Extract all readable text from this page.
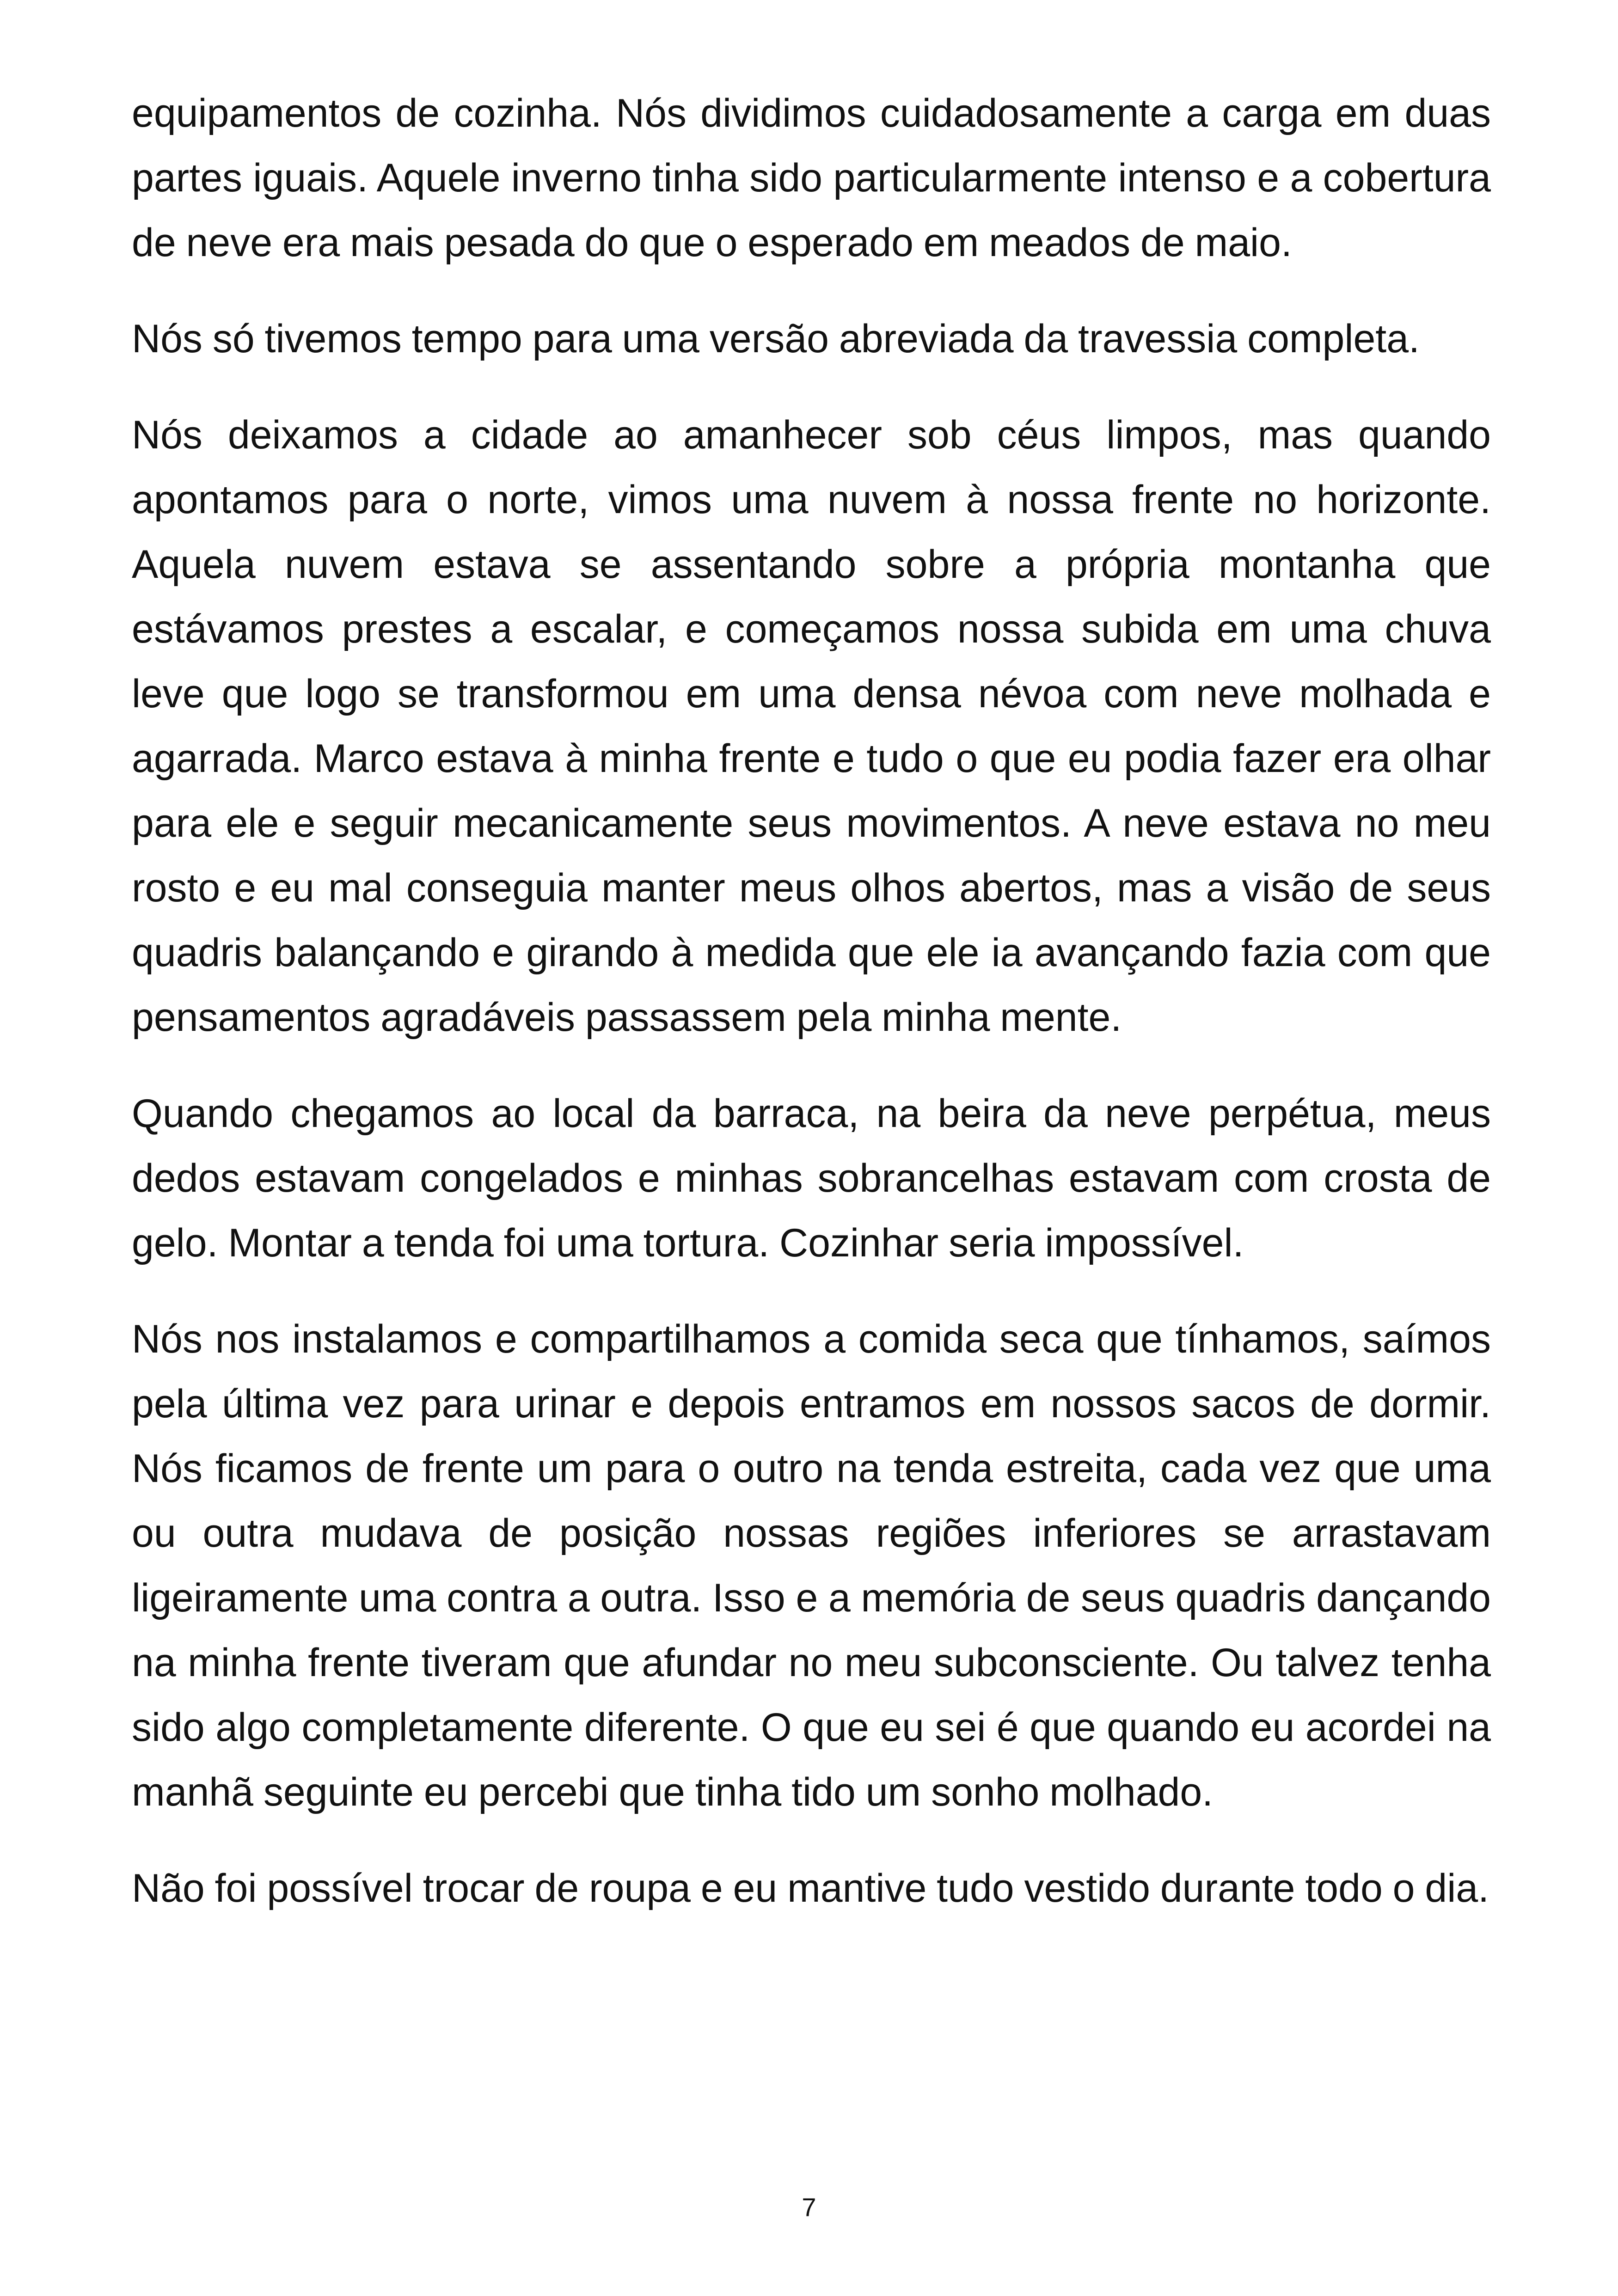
equipamentos de cozinha. Nós dividimos cuidadosamente a carga em duas partes iguais. Aquele inverno tinha sido particularmente intenso e a cobertura de neve era mais pesada do que o esperado em meados de maio.

Nós só tivemos tempo para uma versão abreviada da travessia completa.

Nós deixamos a cidade ao amanhecer sob céus limpos, mas quando apontamos para o norte, vimos uma nuvem à nossa frente no horizonte. Aquela nuvem estava se assentando sobre a própria montanha que estávamos prestes a escalar, e começamos nossa subida em uma chuva leve que logo se transformou em uma densa névoa com neve molhada e agarrada. Marco estava à minha frente e tudo o que eu podia fazer era olhar para ele e seguir mecanicamente seus movimentos. A neve estava no meu rosto e eu mal conseguia manter meus olhos abertos, mas a visão de seus quadris balançando e girando à medida que ele ia avançando fazia com que pensamentos agradáveis passassem pela minha mente.

Quando chegamos ao local da barraca, na beira da neve perpétua, meus dedos estavam congelados e minhas sobrancelhas estavam com crosta de gelo. Montar a tenda foi uma tortura. Cozinhar seria impossível.

Nós nos instalamos e compartilhamos a comida seca que tínhamos, saímos pela última vez para urinar e depois entramos em nossos sacos de dormir. Nós ficamos de frente um para o outro na tenda estreita, cada vez que uma ou outra mudava de posição nossas regiões inferiores se arrastavam ligeiramente uma contra a outra. Isso e a memória de seus quadris dançando na minha frente tiveram que afundar no meu subconsciente. Ou talvez tenha sido algo completamente diferente. O que eu sei é que quando eu acordei na manhã seguinte eu percebi que tinha tido um sonho molhado.

Não foi possível trocar de roupa e eu mantive tudo vestido durante todo o dia.

7
